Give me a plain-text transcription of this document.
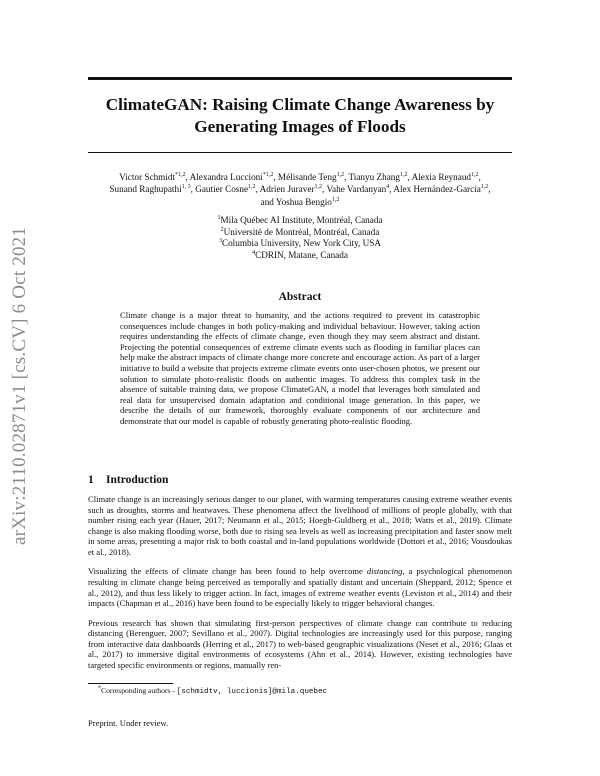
arXiv:2110.02871v1 [cs.CV] 6 Oct 2021
ClimateGAN: Raising Climate Change Awareness by
Generating Images of Floods
Victor Schmidt$^{*1,2}$, Alexandra Luccioni$^{*1,2}$, Mélisande Teng$^{1,2}$, Tianyu Zhang$^{1,2}$, Alexia Reynaud$^{1,2}$,
Sunand Raghupathi$^{1, 3}$, Gautier Cosne$^{1,2}$, Adrien Juraver$^{1,2}$, Vahe Vardanyan$^4$, Alex Hernández-García$^{1,2}$,
and Yoshua Bengio$^{1,2}$
$^1$Mila Québec AI Institute, Montréal, Canada
$^2$Université de Montréal, Montréal, Canada
$^3$Columbia University, New York City, USA
$^4$CDRIN, Matane, Canada
Abstract
Climate change is a major threat to humanity, and the actions required to prevent its catastrophic consequences include changes in both policy-making and individual behaviour. However, taking action requires understanding the effects of climate change, even though they may seem abstract and distant. Projecting the potential consequences of extreme climate events such as flooding in familiar places can help make the abstract impacts of climate change more concrete and encourage action. As part of a larger initiative to build a website that projects extreme climate events onto user-chosen photos, we present our solution to simulate photo-realistic floods on authentic images. To address this complex task in the absence of suitable training data, we propose ClimateGAN, a model that leverages both simulated and real data for unsupervised domain adaptation and conditional image generation. In this paper, we describe the details of our framework, thoroughly evaluate components of our architecture and demonstrate that our model is capable of robustly generating photo-realistic flooding.
1 Introduction

Climate change is an increasingly serious danger to our planet, with warming temperatures causing extreme weather events such as droughts, storms and heatwaves. These phenomena affect the livelihood of millions of people globally, with that number rising each year (Hauer, 2017; Neumann et al., 2015; Hoegh-Guldberg et al., 2018; Watts et al., 2019). Climate change is also making flooding worse, both due to rising sea levels as well as increasing precipitation and faster snow melt in some areas, presenting a major risk to both coastal and in-land populations worldwide (Dottori et al., 2016; Vousdoukas et al., 2018).

Visualizing the effects of climate change has been found to help overcome distancing, a psychological phenomenon resulting in climate change being perceived as temporally and spatially distant and uncertain (Sheppard, 2012; Spence et al., 2012), and thus less likely to trigger action. In fact, images of extreme weather events (Leviston et al., 2014) and their impacts (Chapman et al., 2016) have been found to be especially likely to trigger behavioral changes.

Previous research has shown that simulating first-person perspectives of climate change can contribute to reducing distancing (Berenguer, 2007; Sevillano et al., 2007). Digital technologies are increasingly used for this purpose, ranging from interactive data dashboards (Herring et al., 2017) to web-based geographic visualizations (Neset et al., 2016; Glaas et al., 2017) to immersive digital environments of ecosystems (Ahn et al., 2014). However, existing technologies have targeted specific environments or regions, manually ren-

*Corresponding authors - [schmidtv, luccionis]@mila.quebec
Preprint. Under review.
